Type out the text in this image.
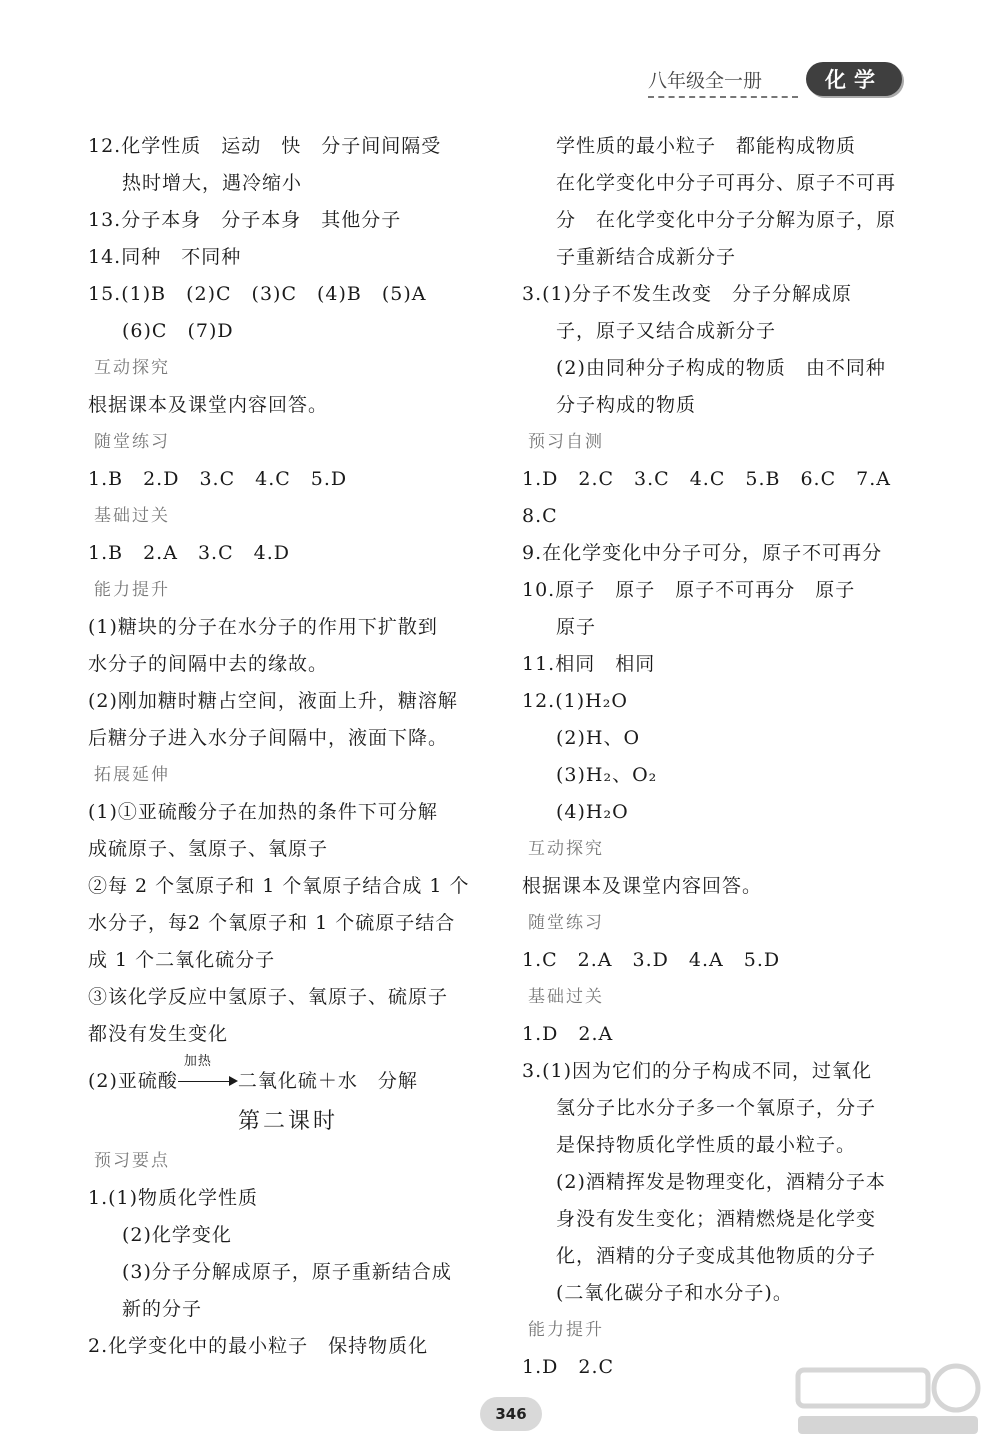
八年级全一册	化学
12.化学性质　运动　快　分子间间隔受
热时增大，遇冷缩小
13.分子本身　分子本身　其他分子
14.同种　不同种
15.(1)B　(2)C　(3)C　(4)B　(5)A
(6)C　(7)D
互动探究
根据课本及课堂内容回答。
随堂练习
1.B　2.D　3.C　4.C　5.D
基础过关
1.B　2.A　3.C　4.D
能力提升
(1)糖块的分子在水分子的作用下扩散到
水分子的间隔中去的缘故。
(2)刚加糖时糖占空间，液面上升，糖溶解
后糖分子进入水分子间隔中，液面下降。
拓展延伸
(1)①亚硫酸分子在加热的条件下可分解
成硫原子、氢原子、氧原子
②每 2 个氢原子和 1 个氧原子结合成 1 个
水分子，每2 个氧原子和 1 个硫原子结合
成 1 个二氧化硫分子
③该化学反应中氢原子、氧原子、硫原子
都没有发生变化
(2)亚硫酸
加热
二氧化硫＋水　分解
第二课时
预习要点
1.(1)物质化学性质
(2)化学变化
(3)分子分解成原子，原子重新结合成
新的分子
2.化学变化中的最小粒子　保持物质化
学性质的最小粒子　都能构成物质
在化学变化中分子可再分、原子不可再
分　在化学变化中分子分解为原子，原
子重新结合成新分子
3.(1)分子不发生改变　分子分解成原
子，原子又结合成新分子
(2)由同种分子构成的物质　由不同种
分子构成的物质
预习自测
1.D　2.C　3.C　4.C　5.B　6.C　7.A
8.C
9.在化学变化中分子可分，原子不可再分
10.原子　原子　原子不可再分　原子
原子
11.相同　相同
12.(1)H₂O
(2)H、O
(3)H₂、O₂
(4)H₂O
互动探究
根据课本及课堂内容回答。
随堂练习
1.C　2.A　3.D　4.A　5.D
基础过关
1.D　2.A
3.(1)因为它们的分子构成不同，过氧化
氢分子比水分子多一个氧原子，分子
是保持物质化学性质的最小粒子。
(2)酒精挥发是物理变化，酒精分子本
身没有发生变化；酒精燃烧是化学变
化，酒精的分子变成其他物质的分子
(二氧化碳分子和水分子)。
能力提升
1.D　2.C
346
